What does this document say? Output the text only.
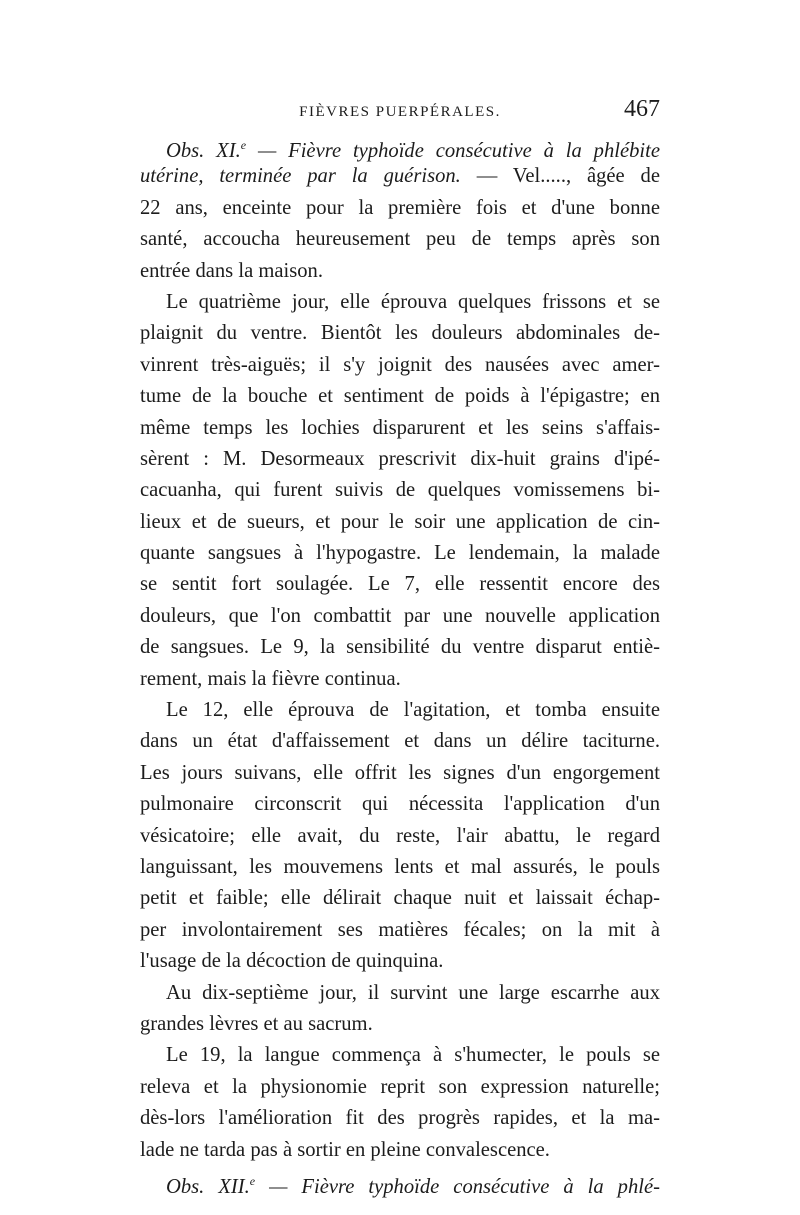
FIÈVRES PUERPÉRALES.	467
Obs. XI.$^e$ — Fièvre typhoïde consécutive à la phlébite
utérine, terminée par la guérison. — Vel....., âgée de
22 ans, enceinte pour la première fois et d'une bonne
santé, accoucha heureusement peu de temps après son
entrée dans la maison.
Le quatrième jour, elle éprouva quelques frissons et se
plaignit du ventre. Bientôt les douleurs abdominales de-
vinrent très-aiguës; il s'y joignit des nausées avec amer-
tume de la bouche et sentiment de poids à l'épigastre; en
même temps les lochies disparurent et les seins s'affais-
sèrent : M. Desormeaux prescrivit dix-huit grains d'ipé-
cacuanha, qui furent suivis de quelques vomissemens bi-
lieux et de sueurs, et pour le soir une application de cin-
quante sangsues à l'hypogastre. Le lendemain, la malade
se sentit fort soulagée. Le 7, elle ressentit encore des
douleurs, que l'on combattit par une nouvelle application
de sangsues. Le 9, la sensibilité du ventre disparut entiè-
rement, mais la fièvre continua.
Le 12, elle éprouva de l'agitation, et tomba ensuite
dans un état d'affaissement et dans un délire taciturne.
Les jours suivans, elle offrit les signes d'un engorgement
pulmonaire circonscrit qui nécessita l'application d'un
vésicatoire; elle avait, du reste, l'air abattu, le regard
languissant, les mouvemens lents et mal assurés, le pouls
petit et faible; elle délirait chaque nuit et laissait échap-
per involontairement ses matières fécales; on la mit à
l'usage de la décoction de quinquina.
Au dix-septième jour, il survint une large escarrhe aux
grandes lèvres et au sacrum.
Le 19, la langue commença à s'humecter, le pouls se
releva et la physionomie reprit son expression naturelle;
dès-lors l'amélioration fit des progrès rapides, et la ma-
lade ne tarda pas à sortir en pleine convalescence.
Obs. XII.$^e$ — Fièvre typhoïde consécutive à la phlé-
